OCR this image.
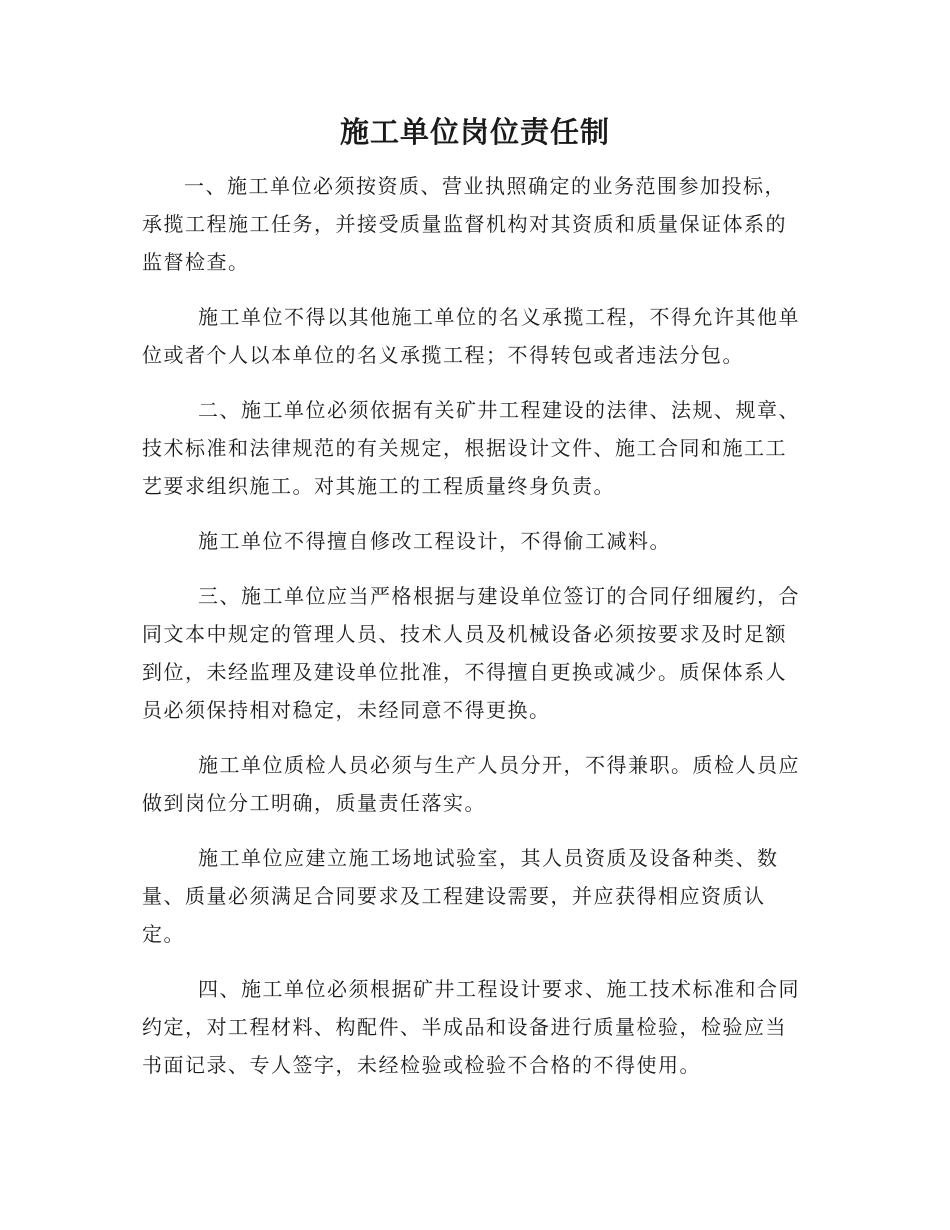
施工单位岗位责任制

一、施工单位必须按资质、营业执照确定的业务范围参加投标，承揽工程施工任务，并接受质量监督机构对其资质和质量保证体系的监督检查。

施工单位不得以其他施工单位的名义承揽工程，不得允许其他单位或者个人以本单位的名义承揽工程；不得转包或者违法分包。

二、施工单位必须依据有关矿井工程建设的法律、法规、规章、技术标准和法律规范的有关规定，根据设计文件、施工合同和施工工艺要求组织施工。对其施工的工程质量终身负责。

施工单位不得擅自修改工程设计，不得偷工减料。

三、施工单位应当严格根据与建设单位签订的合同仔细履约，合同文本中规定的管理人员、技术人员及机械设备必须按要求及时足额到位，未经监理及建设单位批准，不得擅自更换或减少。质保体系人员必须保持相对稳定，未经同意不得更换。

施工单位质检人员必须与生产人员分开，不得兼职。质检人员应做到岗位分工明确，质量责任落实。

施工单位应建立施工场地试验室，其人员资质及设备种类、数量、质量必须满足合同要求及工程建设需要，并应获得相应资质认定。

四、施工单位必须根据矿井工程设计要求、施工技术标准和合同约定，对工程材料、构配件、半成品和设备进行质量检验，检验应当书面记录、专人签字，未经检验或检验不合格的不得使用。
